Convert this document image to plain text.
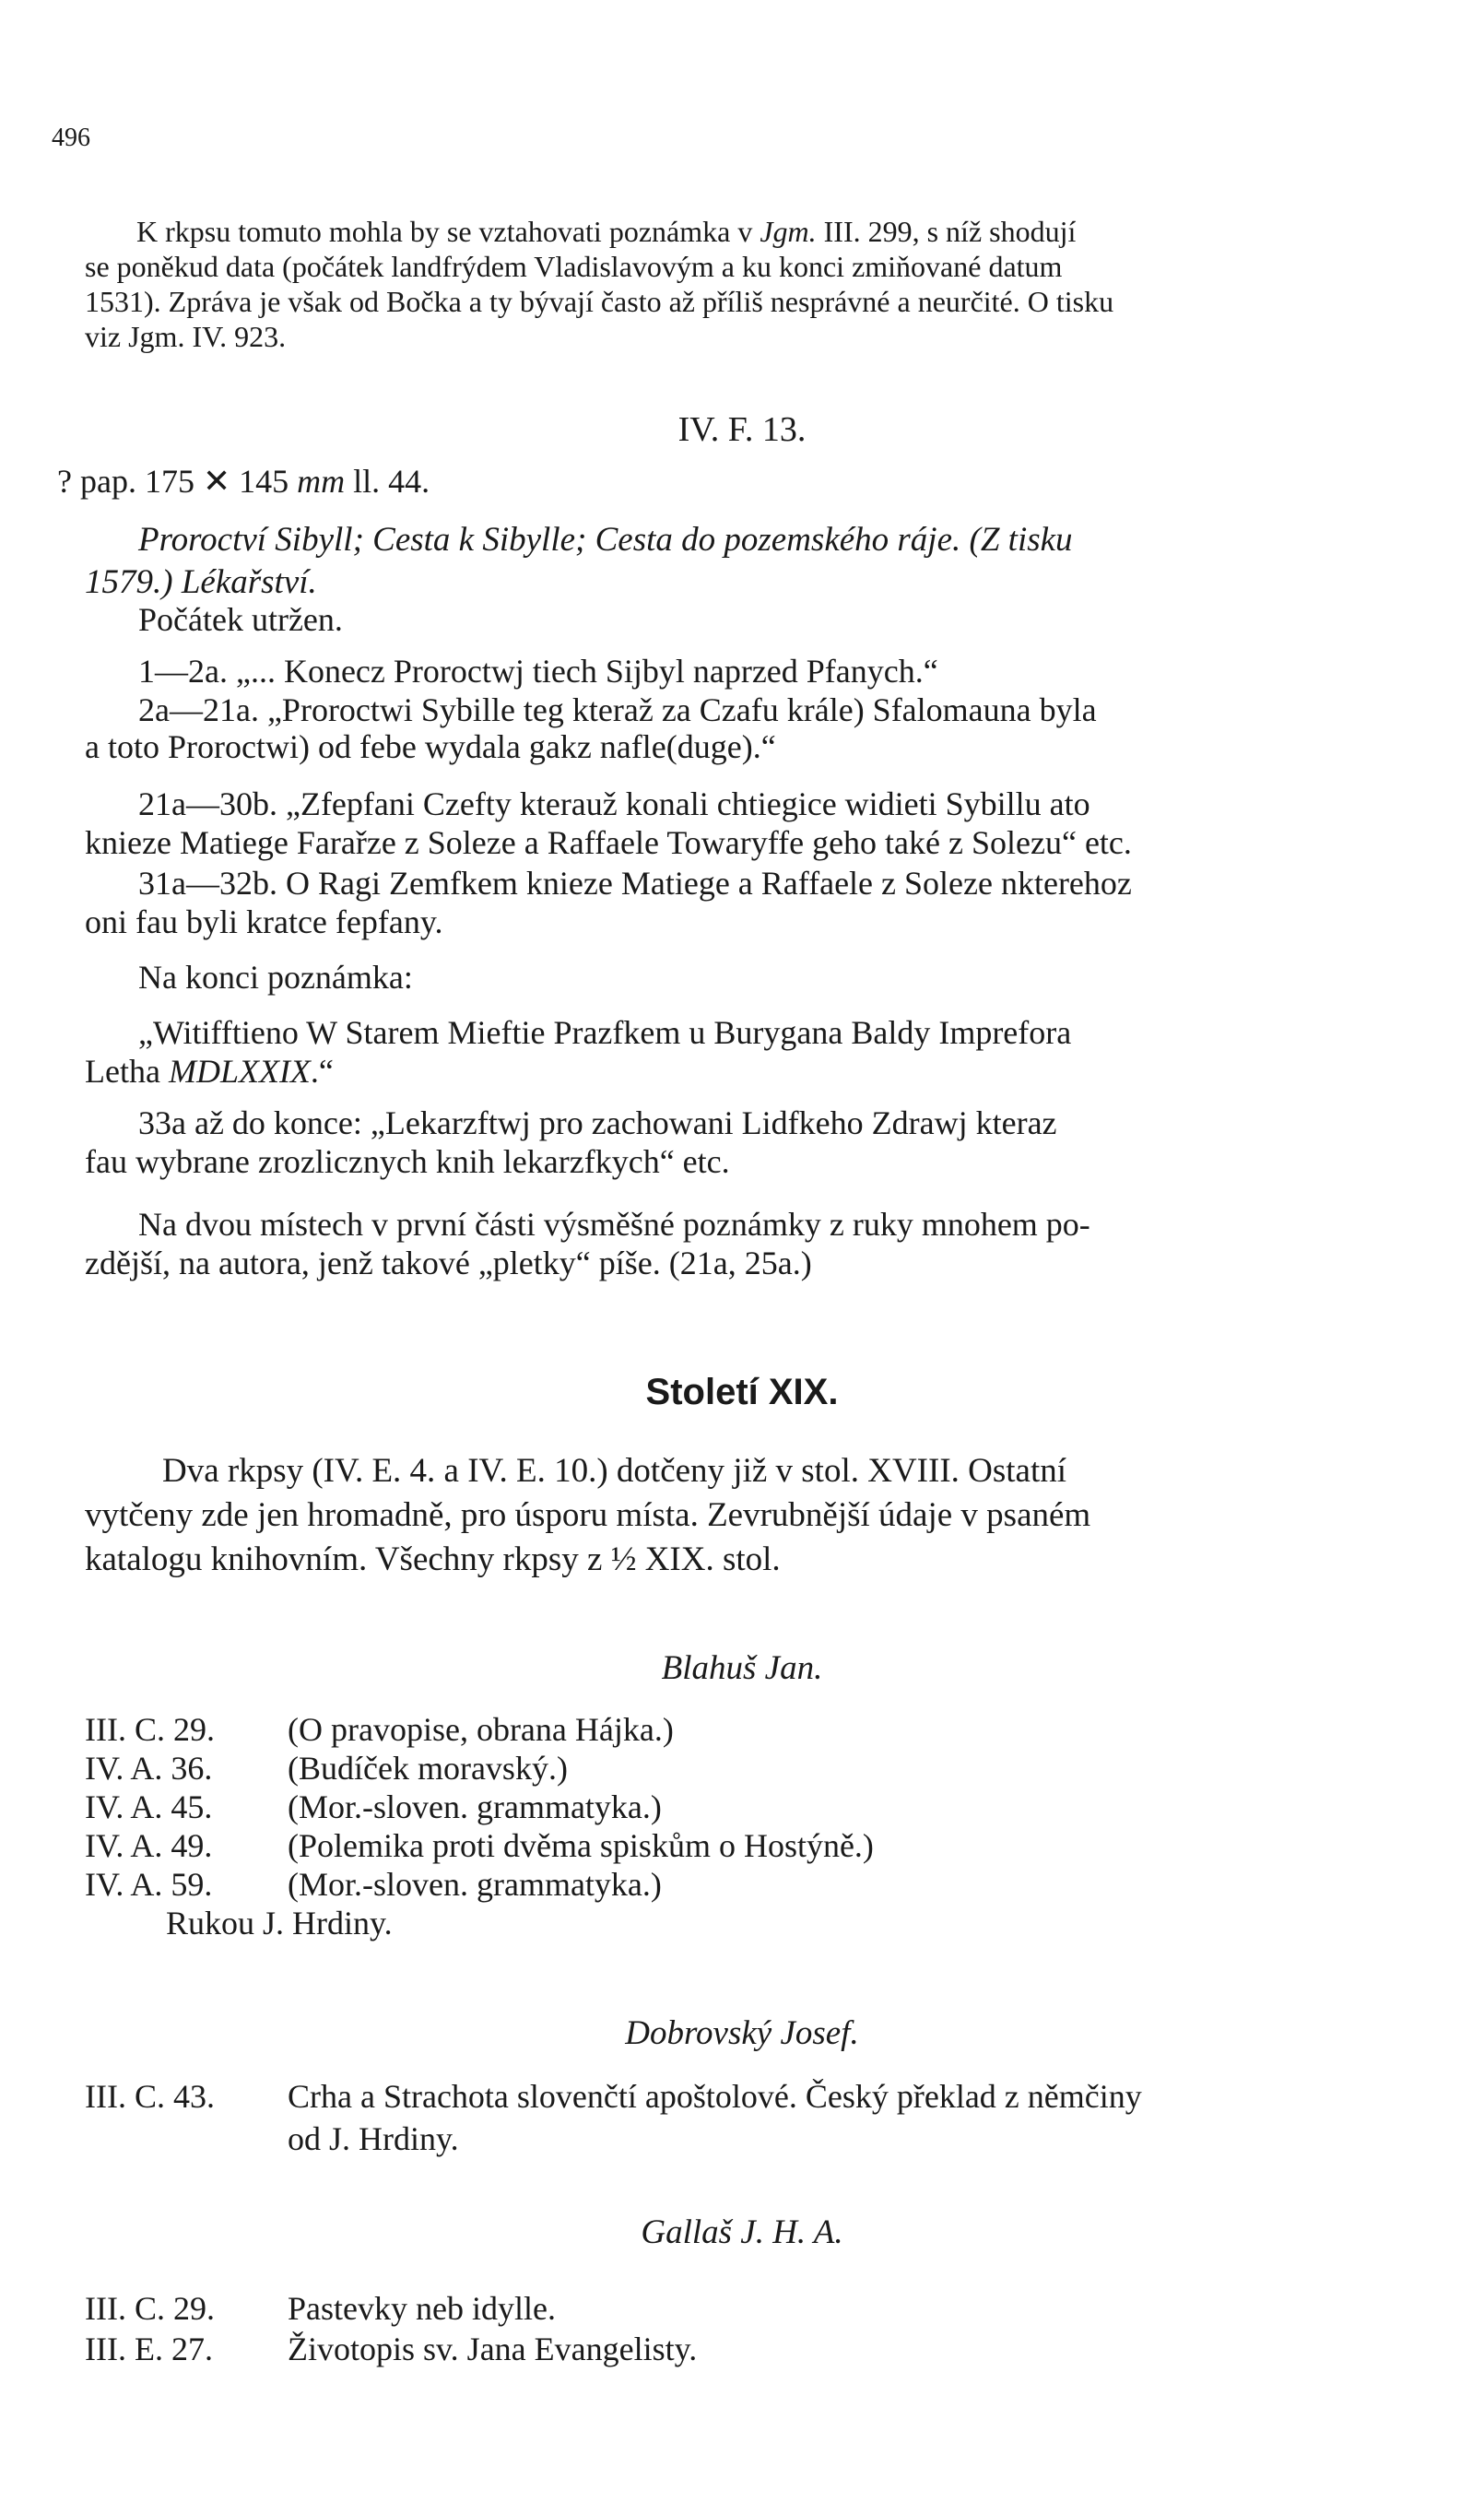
496
K rkpsu tomuto mohla by se vztahovati poznámka v Jgm. III. 299, s níž shodují
se poněkud data (počátek landfrýdem Vladislavovým a ku konci zmiňované datum
1531). Zpráva je však od Bočka a ty bývají často až příliš nesprávné a neurčité. O tisku
viz Jgm. IV. 923.
IV. F. 13.
? pap. 175 ✕ 145 mm ll. 44.
Proroctví Sibyll; Cesta k Sibylle; Cesta do pozemského ráje. (Z tisku
1579.) Lékařství.
Počátek utržen.
1—2a. „... Konecz Proroctwj tiech Sijbyl naprzed Pfanych.“
2a—21a. „Proroctwi Sybille teg kteraž za Czafu krále) Sfalomauna byla
a toto Proroctwi) od febe wydala gakz nafle(duge).“
21a—30b. „Zfepfani Czefty kterauž konali chtiegice widieti Sybillu ato
knieze Matiege Farařze z Soleze a Raffaele Towaryffe geho také z Solezu“ etc.
31a—32b. O Ragi Zemfkem knieze Matiege a Raffaele z Soleze nkterehoz
oni fau byli kratce fepfany.
Na konci poznámka:
„Witifftieno W Starem Mieftie Prazfkem u Burygana Baldy Imprefora
Letha MDLXXIX.“
33a až do konce: „Lekarzftwj pro zachowani Lidfkeho Zdrawj kteraz
fau wybrane zrozlicznych knih lekarzfkych“ etc.
Na dvou místech v první části výsměšné poznámky z ruky mnohem po-
zdější, na autora, jenž takové „pletky“ píše. (21a, 25a.)
Století XIX.
Dva rkpsy (IV. E. 4. a IV. E. 10.) dotčeny již v stol. XVIII. Ostatní
vytčeny zde jen hromadně, pro úsporu místa. Zevrubnější údaje v psaném
katalogu knihovním. Všechny rkpsy z ½ XIX. stol.
Blahuš Jan.
III. C. 29. (O pravopise, obrana Hájka.)
IV. A. 36. (Budíček moravský.)
IV. A. 45. (Mor.-sloven. grammatyka.)
IV. A. 49. (Polemika proti dvěma spiskům o Hostýně.)
IV. A. 59. (Mor.-sloven. grammatyka.)
Rukou J. Hrdiny.
Dobrovský Josef.
III. C. 43. Crha a Strachota slovenčtí apoštolové. Český překlad z němčiny
od J. Hrdiny.
Gallaš J. H. A.
III. C. 29. Pastevky neb idylle.
III. E. 27. Životopis sv. Jana Evangelisty.
